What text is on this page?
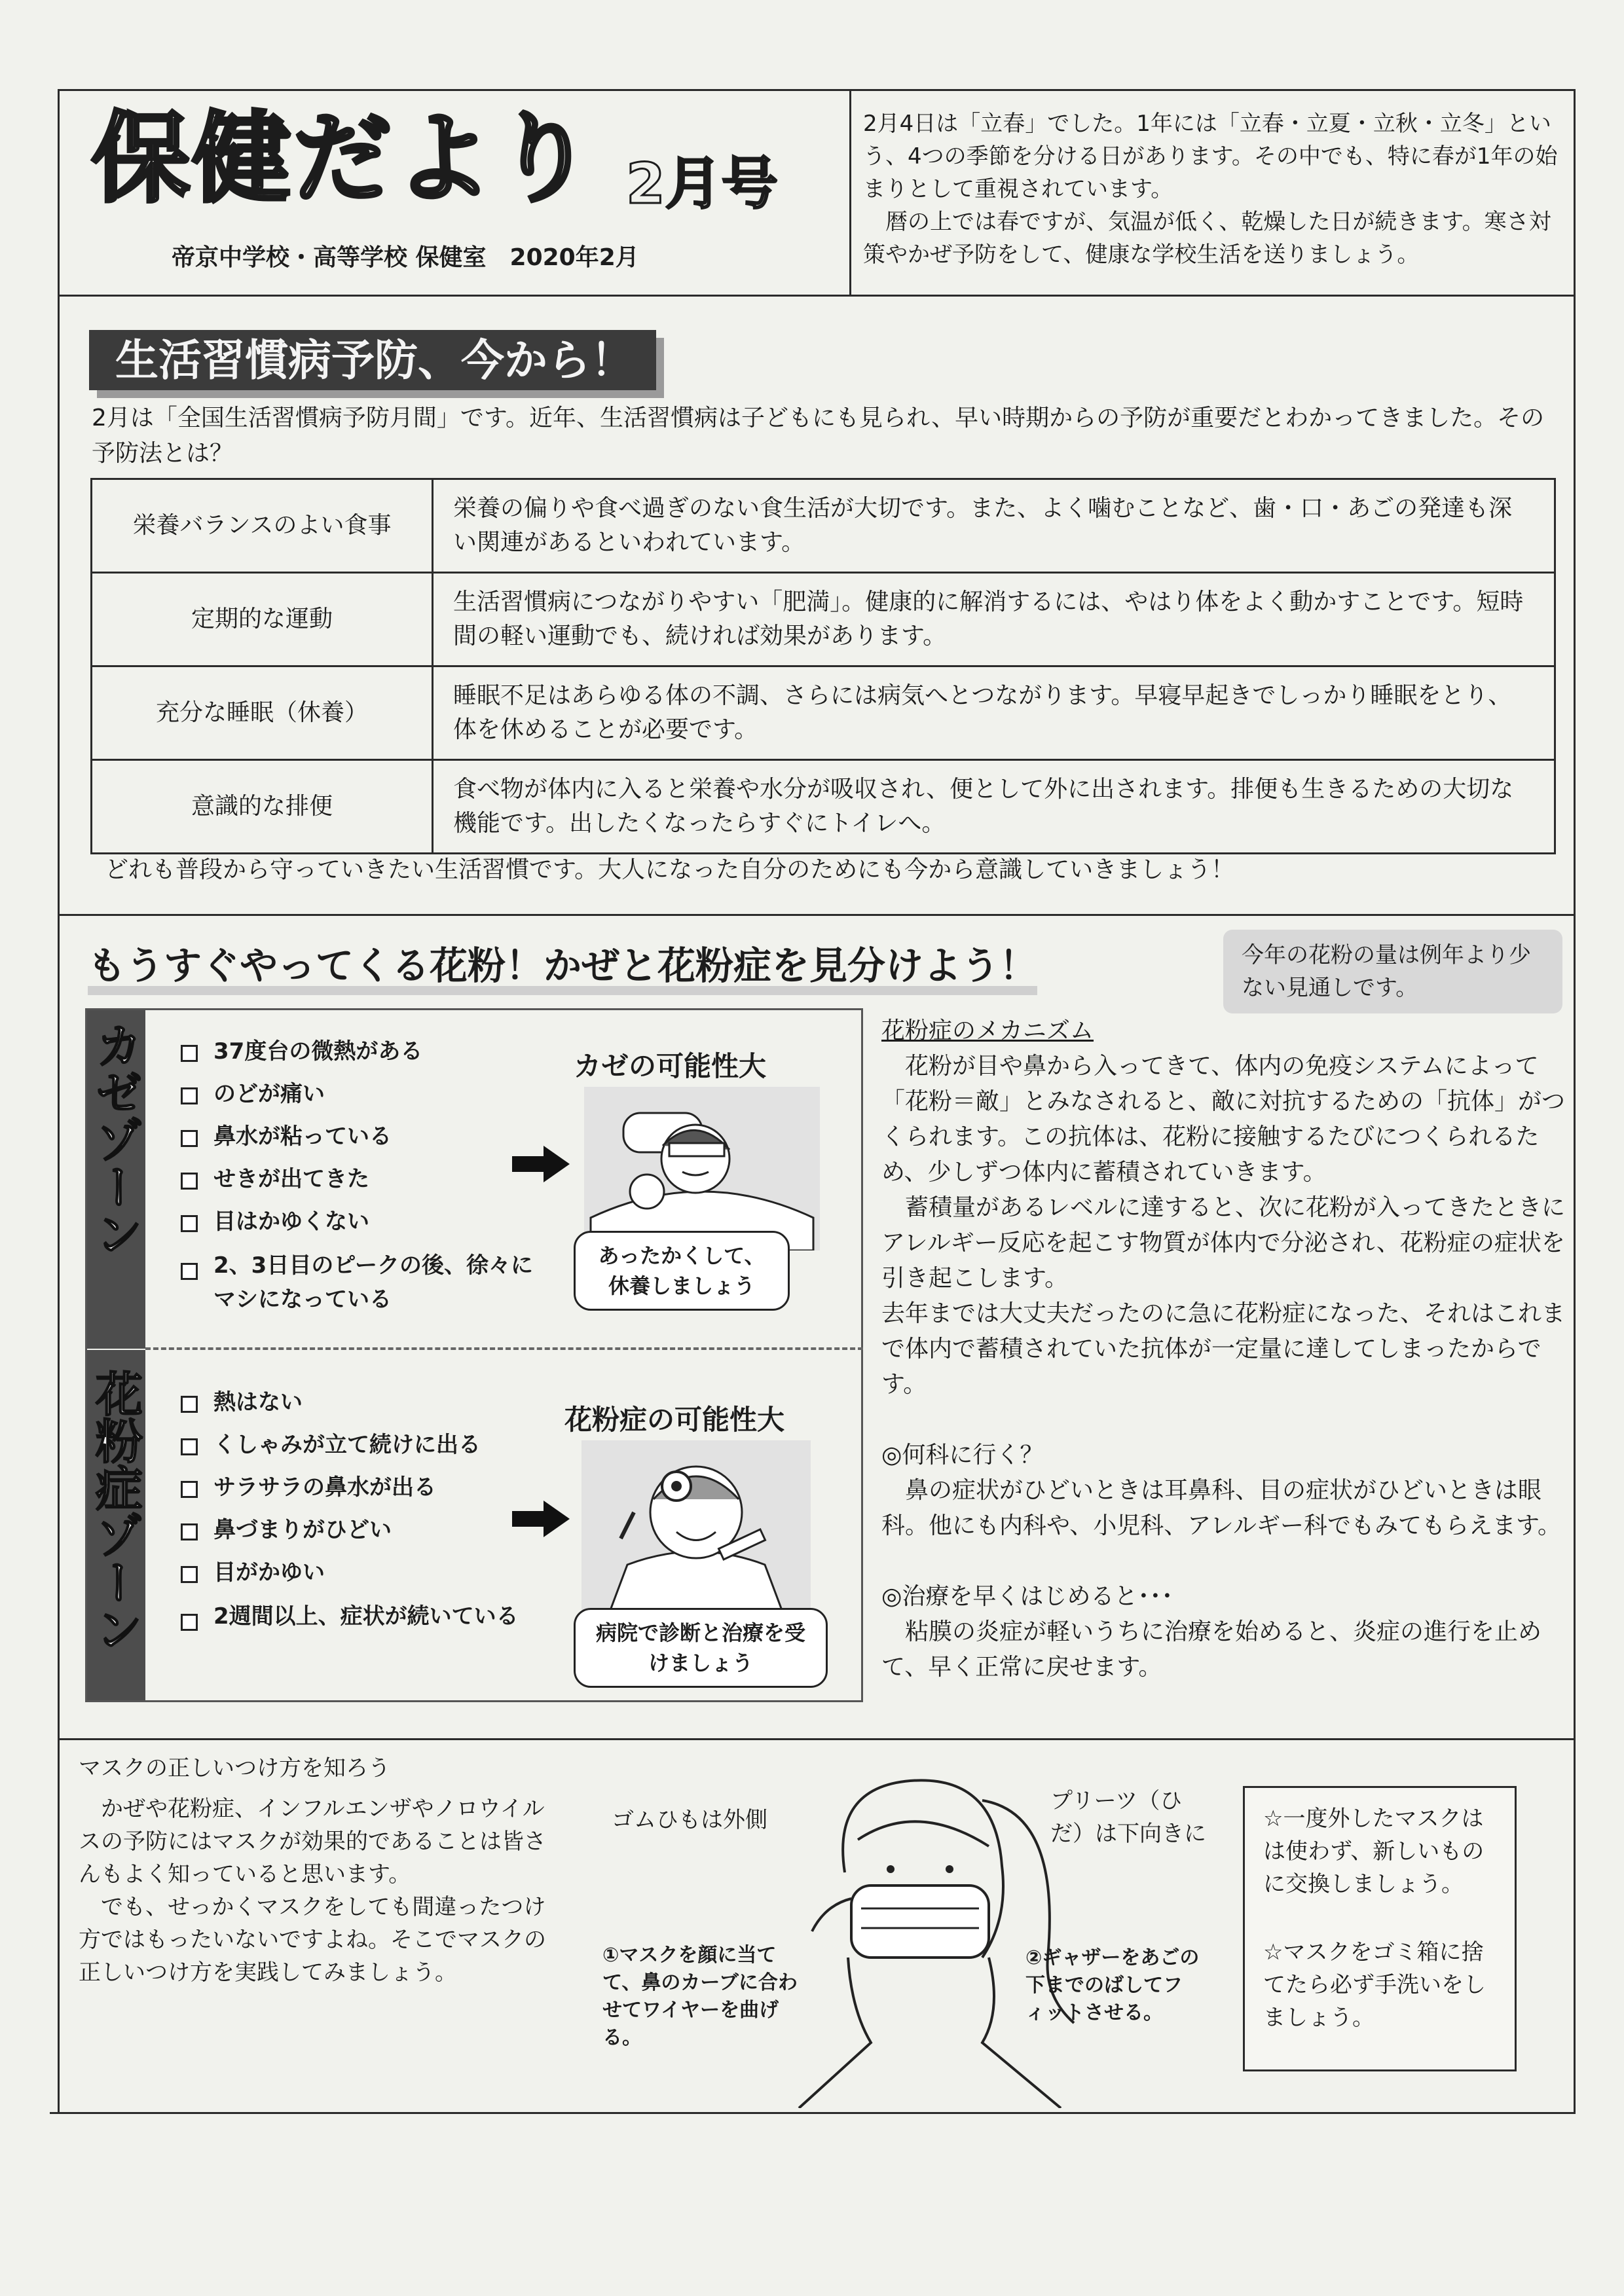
保健だより 2月号
帝京中学校・高等学校 保健室　2020年2月

2月4日は「立春」でした。1年には「立春・立夏・立秋・立冬」という、4つの季節を分ける日があります。その中でも、特に春が1年の始まりとして重視されています。

　暦の上では春ですが、気温が低く、乾燥した日が続きます。寒さ対策やかぜ予防をして、健康な学校生活を送りましょう。

生活習慣病予防、今から！

2月は「全国生活習慣病予防月間」です。近年、生活習慣病は子どもにも見られ、早い時期からの予防が重要だとわかってきました。その予防法とは？

栄養バランスのよい食事	栄養の偏りや食べ過ぎのない食生活が大切です。また、よく噛むことなど、歯・口・あごの発達も深い関連があるといわれています。
定期的な運動	生活習慣病につながりやすい「肥満」。健康的に解消するには、やはり体をよく動かすことです。短時間の軽い運動でも、続ければ効果があります。
充分な睡眠（休養）	睡眠不足はあらゆる体の不調、さらには病気へとつながります。早寝早起きでしっかり睡眠をとり、体を休めることが必要です。
意識的な排便	食べ物が体内に入ると栄養や水分が吸収され、便として外に出されます。排便も生きるための大切な機能です。出したくなったらすぐにトイレへ。

どれも普段から守っていきたい生活習慣です。大人になった自分のためにも今から意識していきましょう！

もうすぐやってくる花粉！かぜと花粉症を見分けよう！	今年の花粉の量は例年より少ない見通しです。
カゼゾーン
花粉症ゾーン
37度台の微熱がある
のどが痛い
鼻水が粘っている
せきが出てきた
目はかゆくない
2、3日目のピークの後、徐々にマシになっている
熱はない
くしゃみが立て続けに出る
サラサラの鼻水が出る
鼻づまりがひどい
目がかゆい
2週間以上、症状が続いている
カゼの可能性大
あったかくして、休養しましょう
花粉症の可能性大
病院で診断と治療を受けましょう

花粉症のメカニズム

　花粉が目や鼻から入ってきて、体内の免疫システムによって「花粉＝敵」とみなされると、敵に対抗するための「抗体」がつくられます。この抗体は、花粉に接触するたびにつくられるため、少しずつ体内に蓄積されていきます。

　蓄積量があるレベルに達すると、次に花粉が入ってきたときにアレルギー反応を起こす物質が体内で分泌され、花粉症の症状を引き起こします。

去年までは大丈夫だったのに急に花粉症になった、それはこれまで体内で蓄積されていた抗体が一定量に達してしまったからです。

◎何科に行く？

　鼻の症状がひどいときは耳鼻科、目の症状がひどいときは眼科。他にも内科や、小児科、アレルギー科でもみてもらえます。

◎治療を早くはじめると･･･

　粘膜の炎症が軽いうちに治療を始めると、炎症の進行を止めて、早く正常に戻せます。

マスクの正しいつけ方を知ろう

　かぜや花粉症、インフルエンザやノロウイルスの予防にはマスクが効果的であることは皆さんもよく知っていると思います。

　でも、せっかくマスクをしても間違ったつけ方ではもったいないですよね。そこでマスクの正しいつけ方を実践してみましょう。

ゴムひもは外側
プリーツ（ひだ）は下向きに
①マスクを顔に当てて、鼻のカーブに合わせてワイヤーを曲げる。
②ギャザーをあごの下までのばしてフィットさせる。

☆一度外したマスクはは使わず、新しいものに交換しましょう。

☆マスクをゴミ箱に捨てたら必ず手洗いをしましょう。
